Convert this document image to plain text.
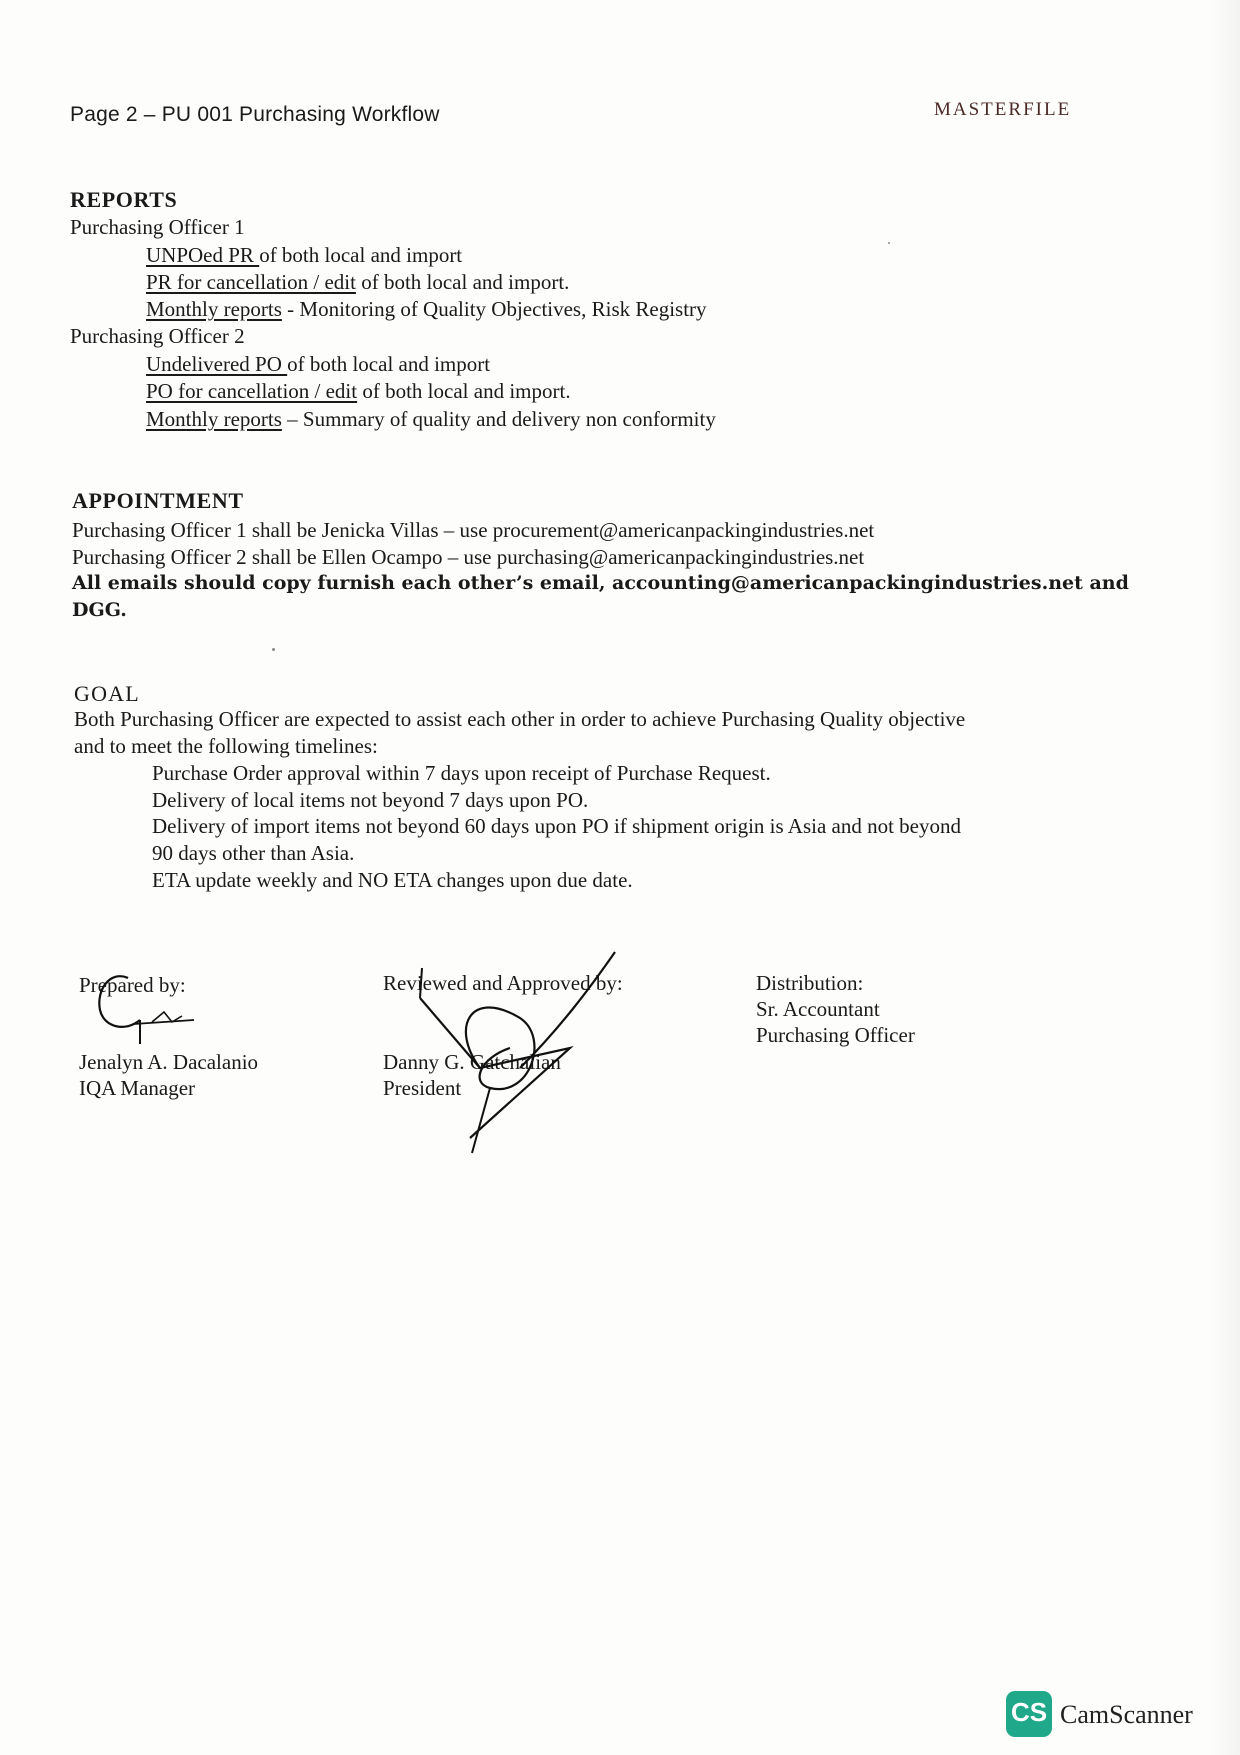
Page 2 – PU 001 Purchasing Workflow	MASTERFILE
REPORTS
Purchasing Officer 1
UNPOed PR of both local and import
PR for cancellation / edit of both local and import.
Monthly reports - Monitoring of Quality Objectives, Risk Registry
Purchasing Officer 2
Undelivered PO of both local and import
PO for cancellation / edit of both local and import.
Monthly reports – Summary of quality and delivery non conformity
APPOINTMENT
Purchasing Officer 1 shall be Jenicka Villas – use procurement@americanpackingindustries.net
Purchasing Officer 2 shall be Ellen Ocampo – use purchasing@americanpackingindustries.net
All emails should copy furnish each other’s email, accounting@americanpackingindustries.net and
DGG.
GOAL
Both Purchasing Officer are expected to assist each other in order to achieve Purchasing Quality objective
and to meet the following timelines:
Purchase Order approval within 7 days upon receipt of Purchase Request.
Delivery of local items not beyond 7 days upon PO.
Delivery of import items not beyond 60 days upon PO if shipment origin is Asia and not beyond
90 days other than Asia.
ETA update weekly and NO ETA changes upon due date.
Prepared by:
Jenalyn A. Dacalanio
IQA Manager
Reviewed and Approved by:
Danny G. Gatchalian
President
Distribution:
Sr. Accountant
Purchasing Officer
CS CamScanner
